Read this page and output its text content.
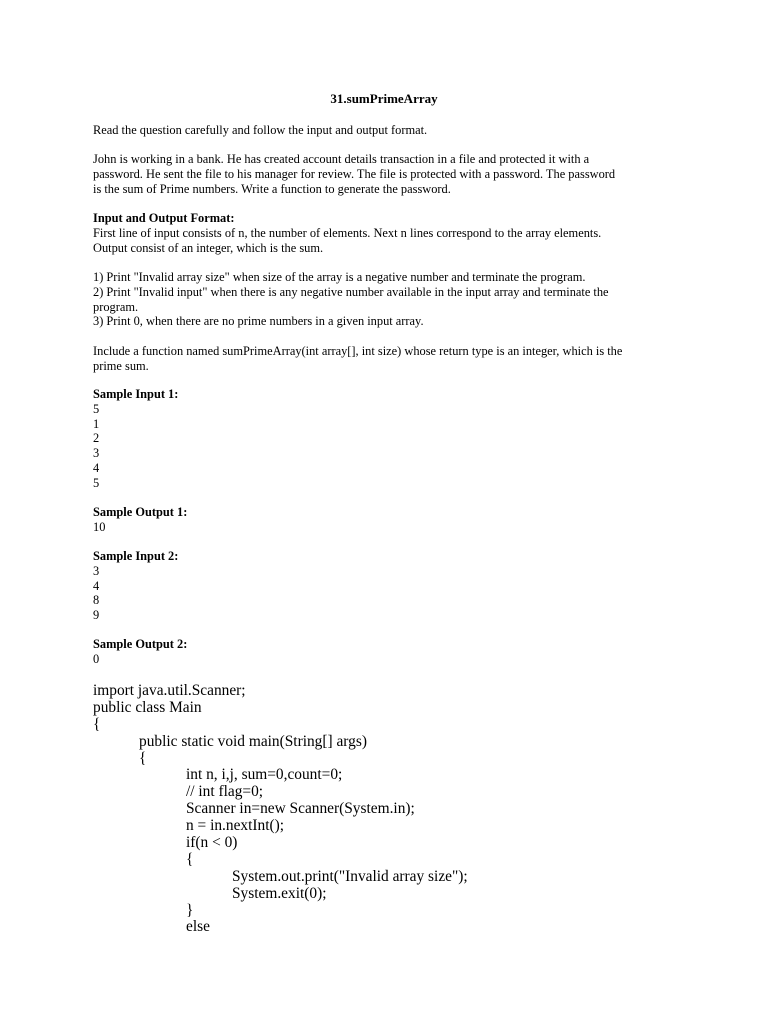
31.sumPrimeArray

Read the question carefully and follow the input and output format.

John is working in a bank. He has created account details transaction in a file and protected it with a

password. He sent the file to his manager for review. The file is protected with a password. The password

is the sum of Prime numbers. Write a function to generate the password.

Input and Output Format:

First line of input consists of n, the number of elements. Next n lines correspond to the array elements.

Output consist of an integer, which is the sum.

1) Print "Invalid array size" when size of the array is a negative number and terminate the program.

2) Print "Invalid input" when there is any negative number available in the input array and terminate the

program.

3) Print 0, when there are no prime numbers in a given input array.

Include a function named sumPrimeArray(int array[], int size) whose return type is an integer, which is the

prime sum.

Sample Input 1:

5

1

2

3

4

5

Sample Output 1:

10

Sample Input 2:

3

4

8

9

Sample Output 2:

0

import java.util.Scanner;
public class Main
{
public static void main(String[] args)
{
int n, i,j, sum=0,count=0;
// int flag=0;
Scanner in=new Scanner(System.in);
n = in.nextInt();
if(n < 0)
{
System.out.print("Invalid array size");
System.exit(0);
}
else
